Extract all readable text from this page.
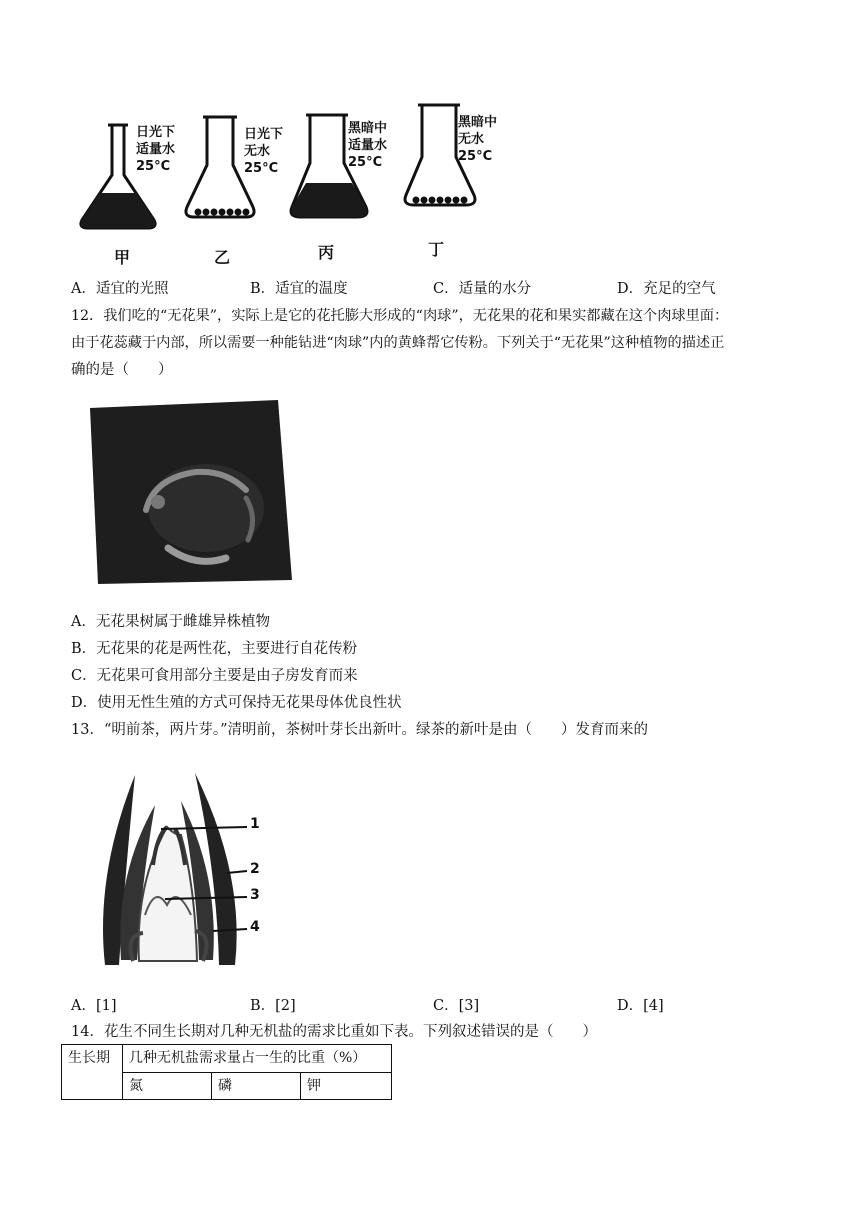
日光下
适量水
25°C
日光下
无水
25°C
黑暗中
适量水
25°C
黑暗中
无水
25°C
甲	乙	丙	丁
A．适宜的光照	B．适宜的温度	C．适量的水分	D．充足的空气
12．我们吃的“无花果”，实际上是它的花托膨大形成的“肉球”，无花果的花和果实都藏在这个肉球里面：
由于花蕊藏于内部，所以需要一种能钻进“肉球”内的黄蜂帮它传粉。下列关于“无花果”这种植物的描述正
确的是（　　）
A．无花果树属于雌雄异株植物
B．无花果的花是两性花，主要进行自花传粉
C．无花果可食用部分主要是由子房发育而来
D．使用无性生殖的方式可保持无花果母体优良性状
13．“明前茶，两片芽。”清明前，茶树叶芽长出新叶。绿茶的新叶是由（　　）发育而来的
1
2
3
4
A．[1]	B．[2]	C．[3]	D．[4]
14．花生不同生长期对几种无机盐的需求比重如下表。下列叙述错误的是（　　）
生长期	几种无机盐需求量占一生的比重（%）		
	氮	磷	钾
